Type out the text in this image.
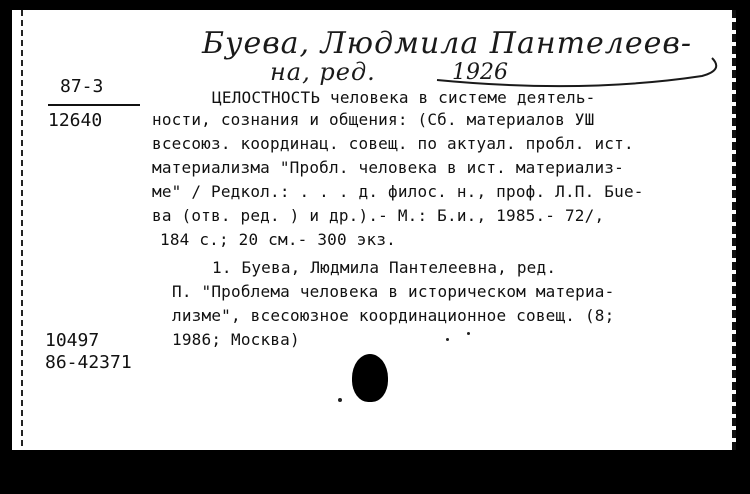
Буева, Людмила Пантелеев-
на, ред.	1926
87-3
12640
ЦЕЛОСТНОСТЬ человека в системе деятель-
ности, сознания и общения: (Сб. материалов УШ
всесоюз. координац. совещ. по актуал. пробл. ист.
материализма "Пробл. человека в ист. материализ-
ме" / Редкол.: . . . д. филос. н., проф. Л.П. Бue-
ва (отв. ред. ) и др.).- М.: Б.и., 1985.- 72/,
184 с.; 20 см.- 300 экз.
1. Буева, Людмила Пантелеевна, ред.
П. "Проблема человека в историческом материа-
лизме", всесоюзное координационное совещ. (8;
1986; Москва)
10497
86-42371
